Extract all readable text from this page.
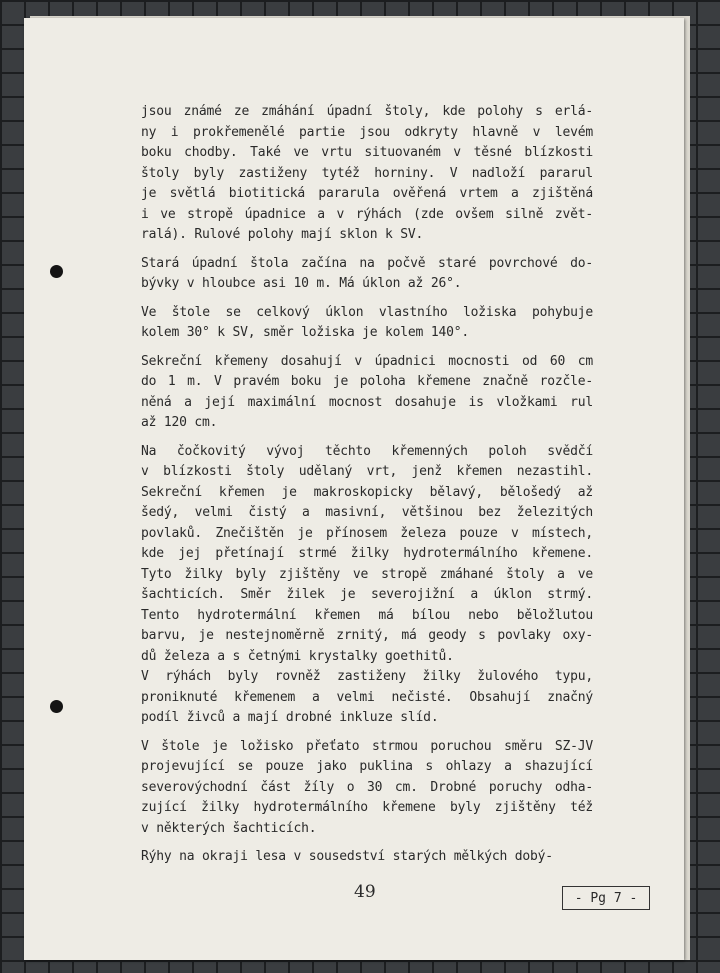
jsou známé ze zmáhání úpadní štoly, kde polohy s erlá-
ny i prokřemenělé partie jsou odkryty hlavně v levém
boku chodby. Také ve vrtu situovaném v těsné blízkosti
štoly byly zastiženy tytéž horniny. V nadloží pararul
je světlá biotitická pararula ověřená vrtem a zjištěná
i ve stropě úpadnice a v rýhách (zde ovšem silně zvět-
ralá). Rulové polohy mají sklon k SV.
Stará úpadní štola začína na počvě staré povrchové do-
bývky v hloubce asi 10 m. Má úklon až 26°.
Ve štole se celkový úklon vlastního ložiska pohybuje
kolem 30° k SV, směr ložiska je kolem 140°.
Sekreční křemeny dosahují v úpadnici mocnosti od 60 cm
do 1 m. V pravém boku je poloha křemene značně rozčle-
něná a její maximální mocnost dosahuje is vložkami rul
až 120 cm.
Na čočkovitý vývoj těchto křemenných poloh svědčí
v blízkosti štoly udělaný vrt, jenž křemen nezastihl.
Sekreční křemen je makroskopicky bělavý, bělošedý až
šedý, velmi čistý a masivní, většinou bez železitých
povlaků. Znečištěn je přínosem železa pouze v místech,
kde jej přetínají strmé žilky hydrotermálního křemene.
Tyto žilky byly zjištěny ve stropě zmáhané štoly a ve
šachticích. Směr žilek je severojižní a úklon strmý.
Tento hydrotermální křemen má bílou nebo běložlutou
barvu, je nestejnoměrně zrnitý, má geody s povlaky oxy-
dů železa a s četnými krystalky goethitů.
V rýhách byly rovněž zastiženy žilky žulového typu,
proniknuté křemenem a velmi nečisté. Obsahují značný
podíl živců a mají drobné inkluze slíd.
V štole je ložisko přeťato strmou poruchou směru SZ-JV
projevující se pouze jako puklina s ohlazy a shazující
severovýchodní část žíly o 30 cm. Drobné poruchy odha-
zující žilky hydrotermálního křemene byly zjištěny též
v některých šachticích.
Rýhy na okraji lesa v sousedství starých mělkých dobý-
49	- Pg 7 -
